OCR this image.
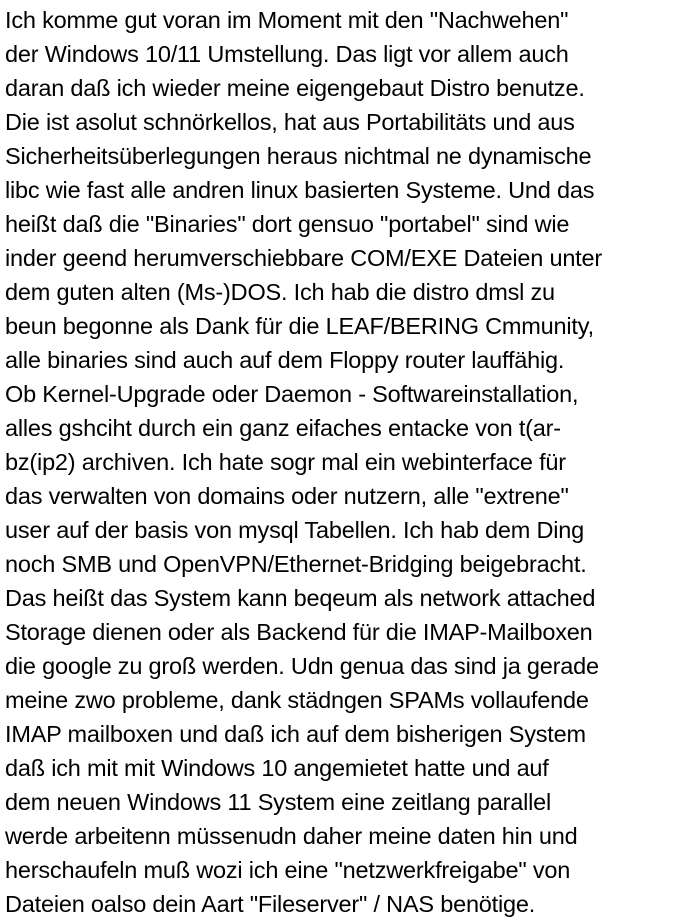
Ich komme gut voran im Moment mit den "Nachwehen"
der Windows 10/11 Umstellung. Das ligt vor allem auch
daran daß ich wieder meine eigengebaut Distro benutze.
Die ist asolut schnörkellos, hat aus Portabilitäts und aus
Sicherheitsüberlegungen heraus nichtmal ne dynamische
libc wie fast alle andren linux basierten Systeme. Und das
heißt daß die "Binaries" dort gensuo "portabel" sind wie
inder geend herumverschiebbare COM/EXE Dateien unter
dem guten alten (Ms-)DOS. Ich hab die distro dmsl zu
beun begonne als Dank für die LEAF/BERING Cmmunity,
alle binaries sind auch auf dem Floppy router lauffähig.
Ob Kernel-Upgrade oder Daemon - Softwareinstallation,
alles gshciht durch ein ganz eifaches entacke von t(ar-
bz(ip2) archiven. Ich hate sogr mal ein webinterface für
das verwalten von domains oder nutzern, alle "extrene"
user auf der basis von mysql Tabellen. Ich hab dem Ding
noch SMB und OpenVPN/Ethernet-Bridging beigebracht.
Das heißt das System kann beqeum als network attached
Storage dienen oder als Backend für die IMAP-Mailboxen
die google zu groß werden. Udn genua das sind ja gerade
meine zwo probleme, dank städngen SPAMs vollaufende
IMAP mailboxen und daß ich auf dem bisherigen System
daß ich mit mit Windows 10 angemietet hatte und auf
dem neuen Windows 11 System eine zeitlang parallel
werde arbeitenn müssenudn daher meine daten hin und
herschaufeln muß wozi ich eine "netzwerkfreigabe" von
Dateien oalso dein Aart "Fileserver" / NAS benötige.
